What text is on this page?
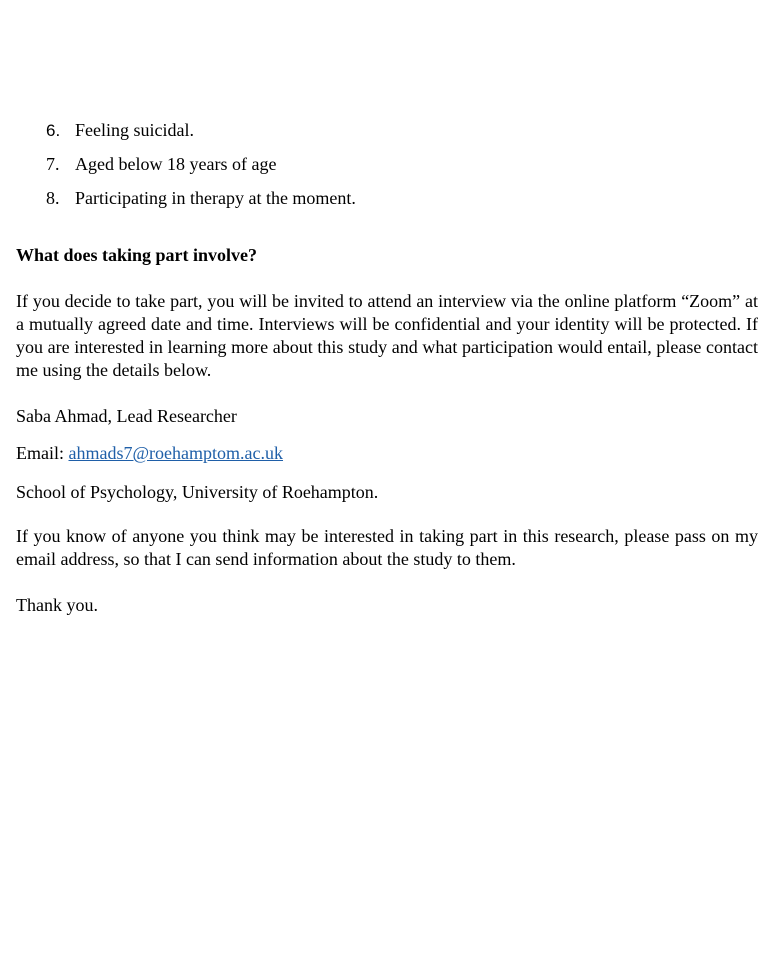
6. Feeling suicidal.
7. Aged below 18 years of age
8. Participating in therapy at the moment.
What does taking part involve?

If you decide to take part, you will be invited to attend an interview via the online platform “Zoom” at a mutually agreed date and time. Interviews will be confidential and your identity will be protected. If you are interested in learning more about this study and what participation would entail, please contact me using the details below.

Saba Ahmad, Lead Researcher
Email: ahmads7@roehamptom.ac.uk
School of Psychology, University of Roehampton.

If you know of anyone you think may be interested in taking part in this research, please pass on my email address, so that I can send information about the study to them.

Thank you.
